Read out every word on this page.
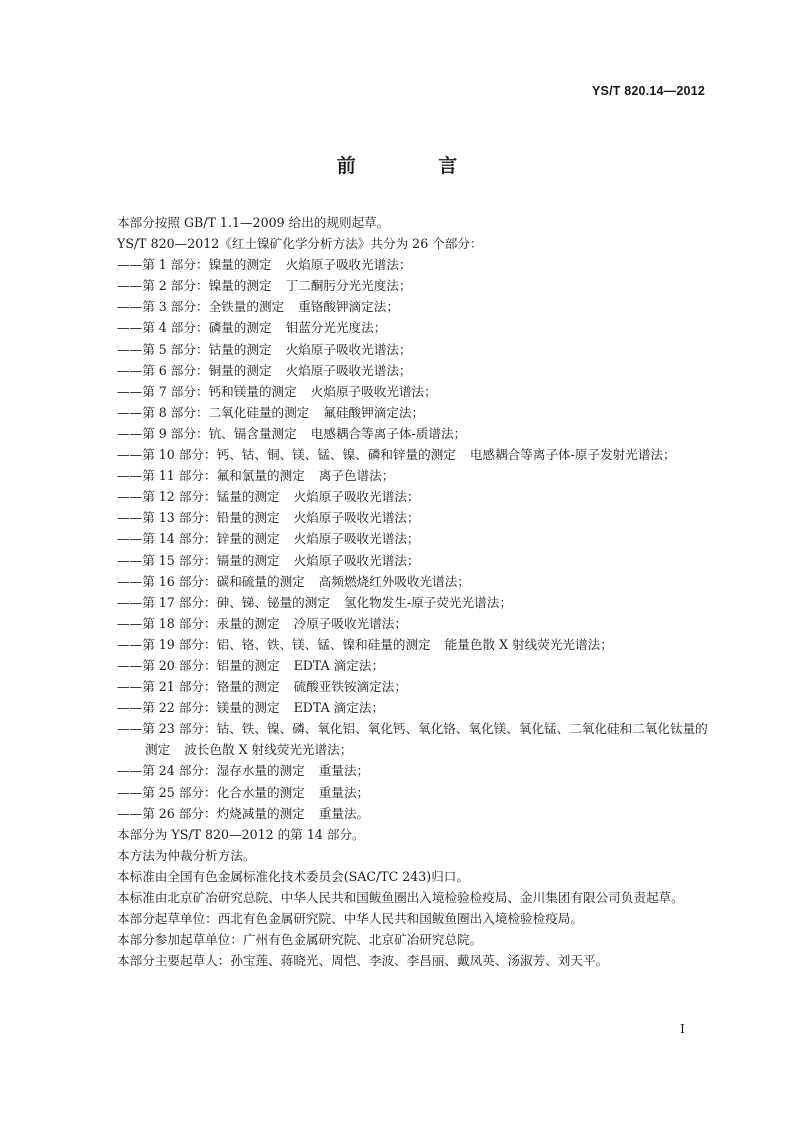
YS/T 820.14—2012
前 言

本部分按照 GB/T 1.1—2009 给出的规则起草。

YS/T 820—2012《红土镍矿化学分析方法》共分为 26 个部分：

——第 1 部分：镍量的测定 火焰原子吸收光谱法；

——第 2 部分：镍量的测定 丁二酮肟分光光度法；

——第 3 部分：全铁量的测定 重铬酸钾滴定法；

——第 4 部分：磷量的测定 钼蓝分光光度法；

——第 5 部分：钴量的测定 火焰原子吸收光谱法；

——第 6 部分：铜量的测定 火焰原子吸收光谱法；

——第 7 部分：钙和镁量的测定 火焰原子吸收光谱法；

——第 8 部分：二氧化硅量的测定 氟硅酸钾滴定法；

——第 9 部分：钪、镉含量测定 电感耦合等离子体-质谱法；

——第 10 部分：钙、钴、铜、镁、锰、镍、磷和锌量的测定 电感耦合等离子体-原子发射光谱法；

——第 11 部分：氟和氯量的测定 离子色谱法；

——第 12 部分：锰量的测定 火焰原子吸收光谱法；

——第 13 部分：铅量的测定 火焰原子吸收光谱法；

——第 14 部分：锌量的测定 火焰原子吸收光谱法；

——第 15 部分：镉量的测定 火焰原子吸收光谱法；

——第 16 部分：碳和硫量的测定 高频燃烧红外吸收光谱法；

——第 17 部分：砷、锑、铋量的测定 氢化物发生-原子荧光光谱法；

——第 18 部分：汞量的测定 冷原子吸收光谱法；

——第 19 部分：铝、铬、铁、镁、锰、镍和硅量的测定 能量色散 X 射线荧光光谱法；

——第 20 部分：铝量的测定 EDTA 滴定法；

——第 21 部分：铬量的测定 硫酸亚铁铵滴定法；

——第 22 部分：镁量的测定 EDTA 滴定法；

——第 23 部分：钴、铁、镍、磷、氧化铝、氧化钙、氧化铬、氧化镁、氧化锰、二氧化硅和二氧化钛量的

测定 波长色散 X 射线荧光光谱法；

——第 24 部分：湿存水量的测定 重量法；

——第 25 部分：化合水量的测定 重量法；

——第 26 部分：灼烧减量的测定 重量法。

本部分为 YS/T 820—2012 的第 14 部分。

本方法为仲裁分析方法。

本标准由全国有色金属标准化技术委员会(SAC/TC 243)归口。

本标准由北京矿冶研究总院、中华人民共和国鲅鱼圈出入境检验检疫局、金川集团有限公司负责起草。

本部分起草单位：西北有色金属研究院、中华人民共和国鲅鱼圈出入境检验检疫局。

本部分参加起草单位：广州有色金属研究院、北京矿冶研究总院。

本部分主要起草人：孙宝莲、蒋晓光、周恺、李波、李昌丽、戴凤英、汤淑芳、刘天平。

I
